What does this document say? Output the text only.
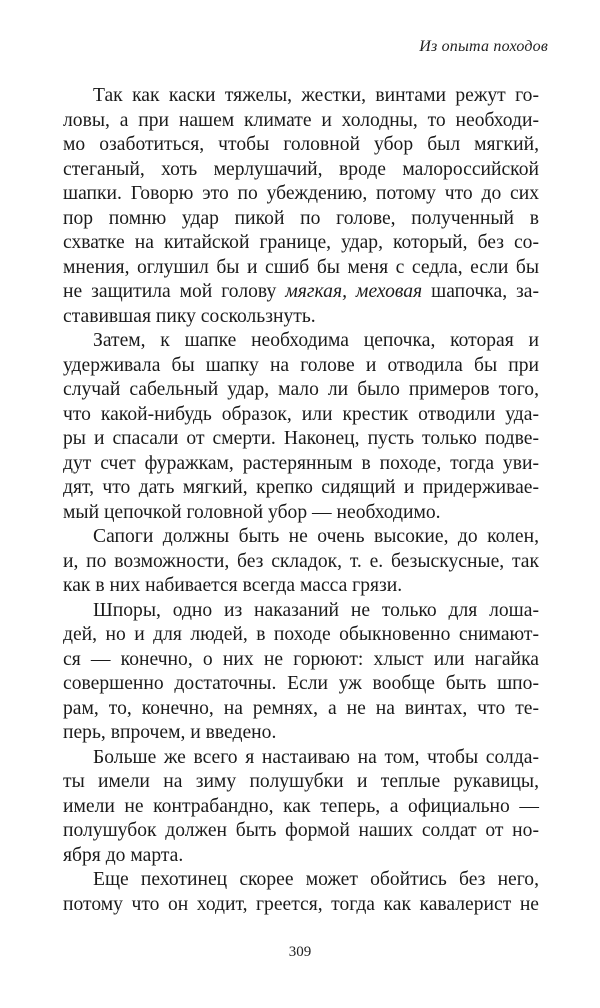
Из опыта походов
Так как каски тяжелы, жестки, винтами режут го-
ловы, а при нашем климате и холодны, то необходи-
мо озаботиться, чтобы головной убор был мягкий,
стеганый, хоть мерлушачий, вроде малороссийской
шапки. Говорю это по убеждению, потому что до сих
пор помню удар пикой по голове, полученный в
схватке на китайской границе, удар, который, без со-
мнения, оглушил бы и сшиб бы меня с седла, если бы
не защитила мой голову мягкая, меховая шапочка, за-
ставившая пику соскользнуть.
Затем, к шапке необходима цепочка, которая и
удерживала бы шапку на голове и отводила бы при
случай сабельный удар, мало ли было примеров того,
что какой-нибудь образок, или крестик отводили уда-
ры и спасали от смерти. Наконец, пусть только подве-
дут счет фуражкам, растерянным в походе, тогда уви-
дят, что дать мягкий, крепко сидящий и придерживае-
мый цепочкой головной убор — необходимо.
Сапоги должны быть не очень высокие, до колен,
и, по возможности, без складок, т. е. безыскусные, так
как в них набивается всегда масса грязи.
Шпоры, одно из наказаний не только для лоша-
дей, но и для людей, в походе обыкновенно снимают-
ся — конечно, о них не горюют: хлыст или нагайка
совершенно достаточны. Если уж вообще быть шпо-
рам, то, конечно, на ремнях, а не на винтах, что те-
перь, впрочем, и введено.
Больше же всего я настаиваю на том, чтобы солда-
ты имели на зиму полушубки и теплые рукавицы,
имели не контрабандно, как теперь, а официально —
полушубок должен быть формой наших солдат от но-
ября до марта.
Еще пехотинец скорее может обойтись без него,
потому что он ходит, греется, тогда как кавалерист не
309
